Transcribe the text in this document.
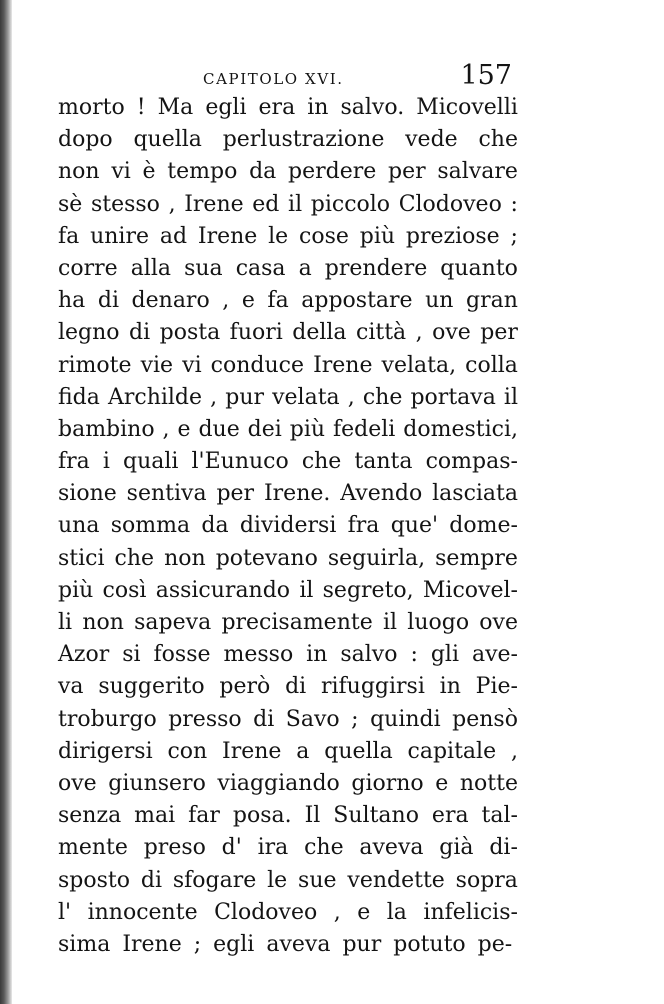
CAPITOLO XVI.	157
morto ! Ma egli era in salvo. Micovelli
dopo quella perlustrazione vede che
non vi è tempo da perdere per salvare
sè stesso , Irene ed il piccolo Clodoveo :
fa unire ad Irene le cose più preziose ;
corre alla sua casa a prendere quanto
ha di denaro , e fa appostare un gran
legno di posta fuori della città , ove per
rimote vie vi conduce Irene velata, colla
fida Archilde , pur velata , che portava il
bambino , e due dei più fedeli domestici,
fra i quali l'Eunuco che tanta compas-
sione sentiva per Irene. Avendo lasciata
una somma da dividersi fra que' dome-
stici che non potevano seguirla, sempre
più così assicurando il segreto, Micovel-
li non sapeva precisamente il luogo ove
Azor si fosse messo in salvo : gli ave-
va suggerito però di rifuggirsi in Pie-
troburgo presso di Savo ; quindi pensò
dirigersi con Irene a quella capitale ,
ove giunsero viaggiando giorno e notte
senza mai far posa. Il Sultano era tal-
mente preso d' ira che aveva già di-
sposto di sfogare le sue vendette sopra
l' innocente Clodoveo , e la infelicis-
sima Irene ; egli aveva pur potuto pe-
